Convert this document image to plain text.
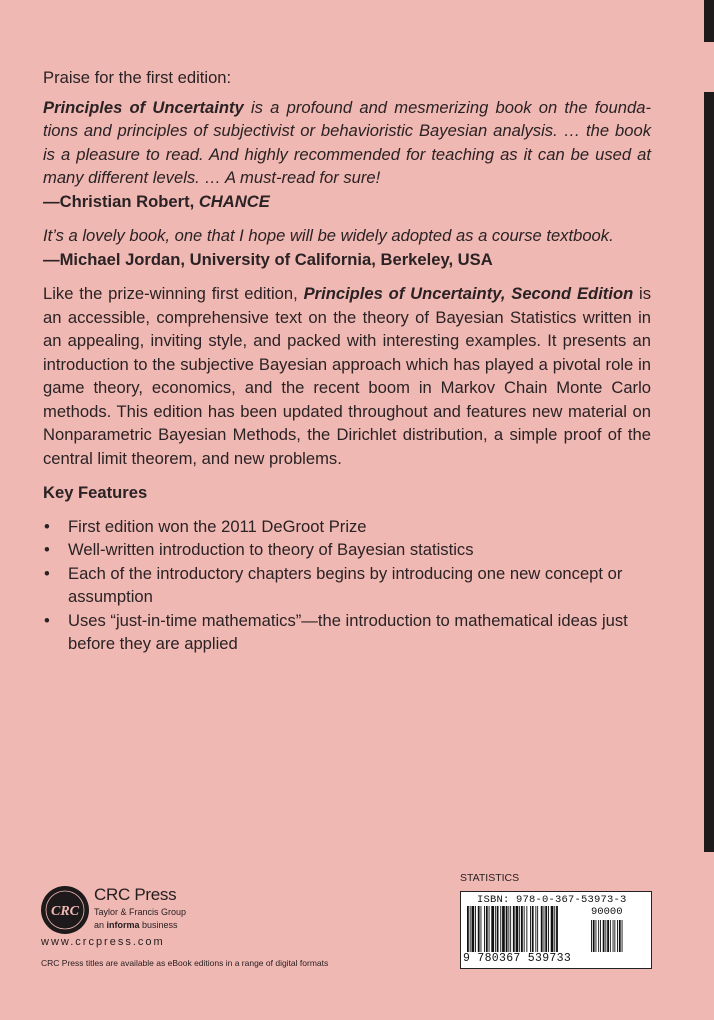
Praise for the first edition:

Principles of Uncertainty is a profound and mesmerizing book on the founda-tions and principles of subjectivist or behavioristic Bayesian analysis. … the book is a pleasure to read. And highly recommended for teaching as it can be used at many different levels. … A must-read for sure!

—Christian Robert, CHANCE

It’s a lovely book, one that I hope will be widely adopted as a course textbook.

—Michael Jordan, University of California, Berkeley, USA

Like the prize-winning first edition, Principles of Uncertainty, Second Edition is an accessible, comprehensive text on the theory of Bayesian Statistics written in an appealing, inviting style, and packed with interesting examples. It presents an introduction to the subjective Bayesian approach which has played a pivotal role in game theory, economics, and the recent boom in Markov Chain Monte Carlo methods. This edition has been updated throughout and features new material on Nonparametric Bayesian Methods, the Dirichlet distribution, a simple proof of the central limit theorem, and new problems.

Key Features

• First edition won the 2011 DeGroot Prize
• Well-written introduction to theory of Bayesian statistics
• Each of the introductory chapters begins by introducing one new concept or assumption
• Uses “just-in-time mathematics”—the introduction to mathematical ideas just before they are applied
CRC
CRC Press
Taylor & Francis Group
an informa business
www.crcpress.com
CRC Press titles are available as eBook editions in a range of digital formats
STATISTICS
ISBN: 978-0-367-53973-3
90000
9 780367 539733
